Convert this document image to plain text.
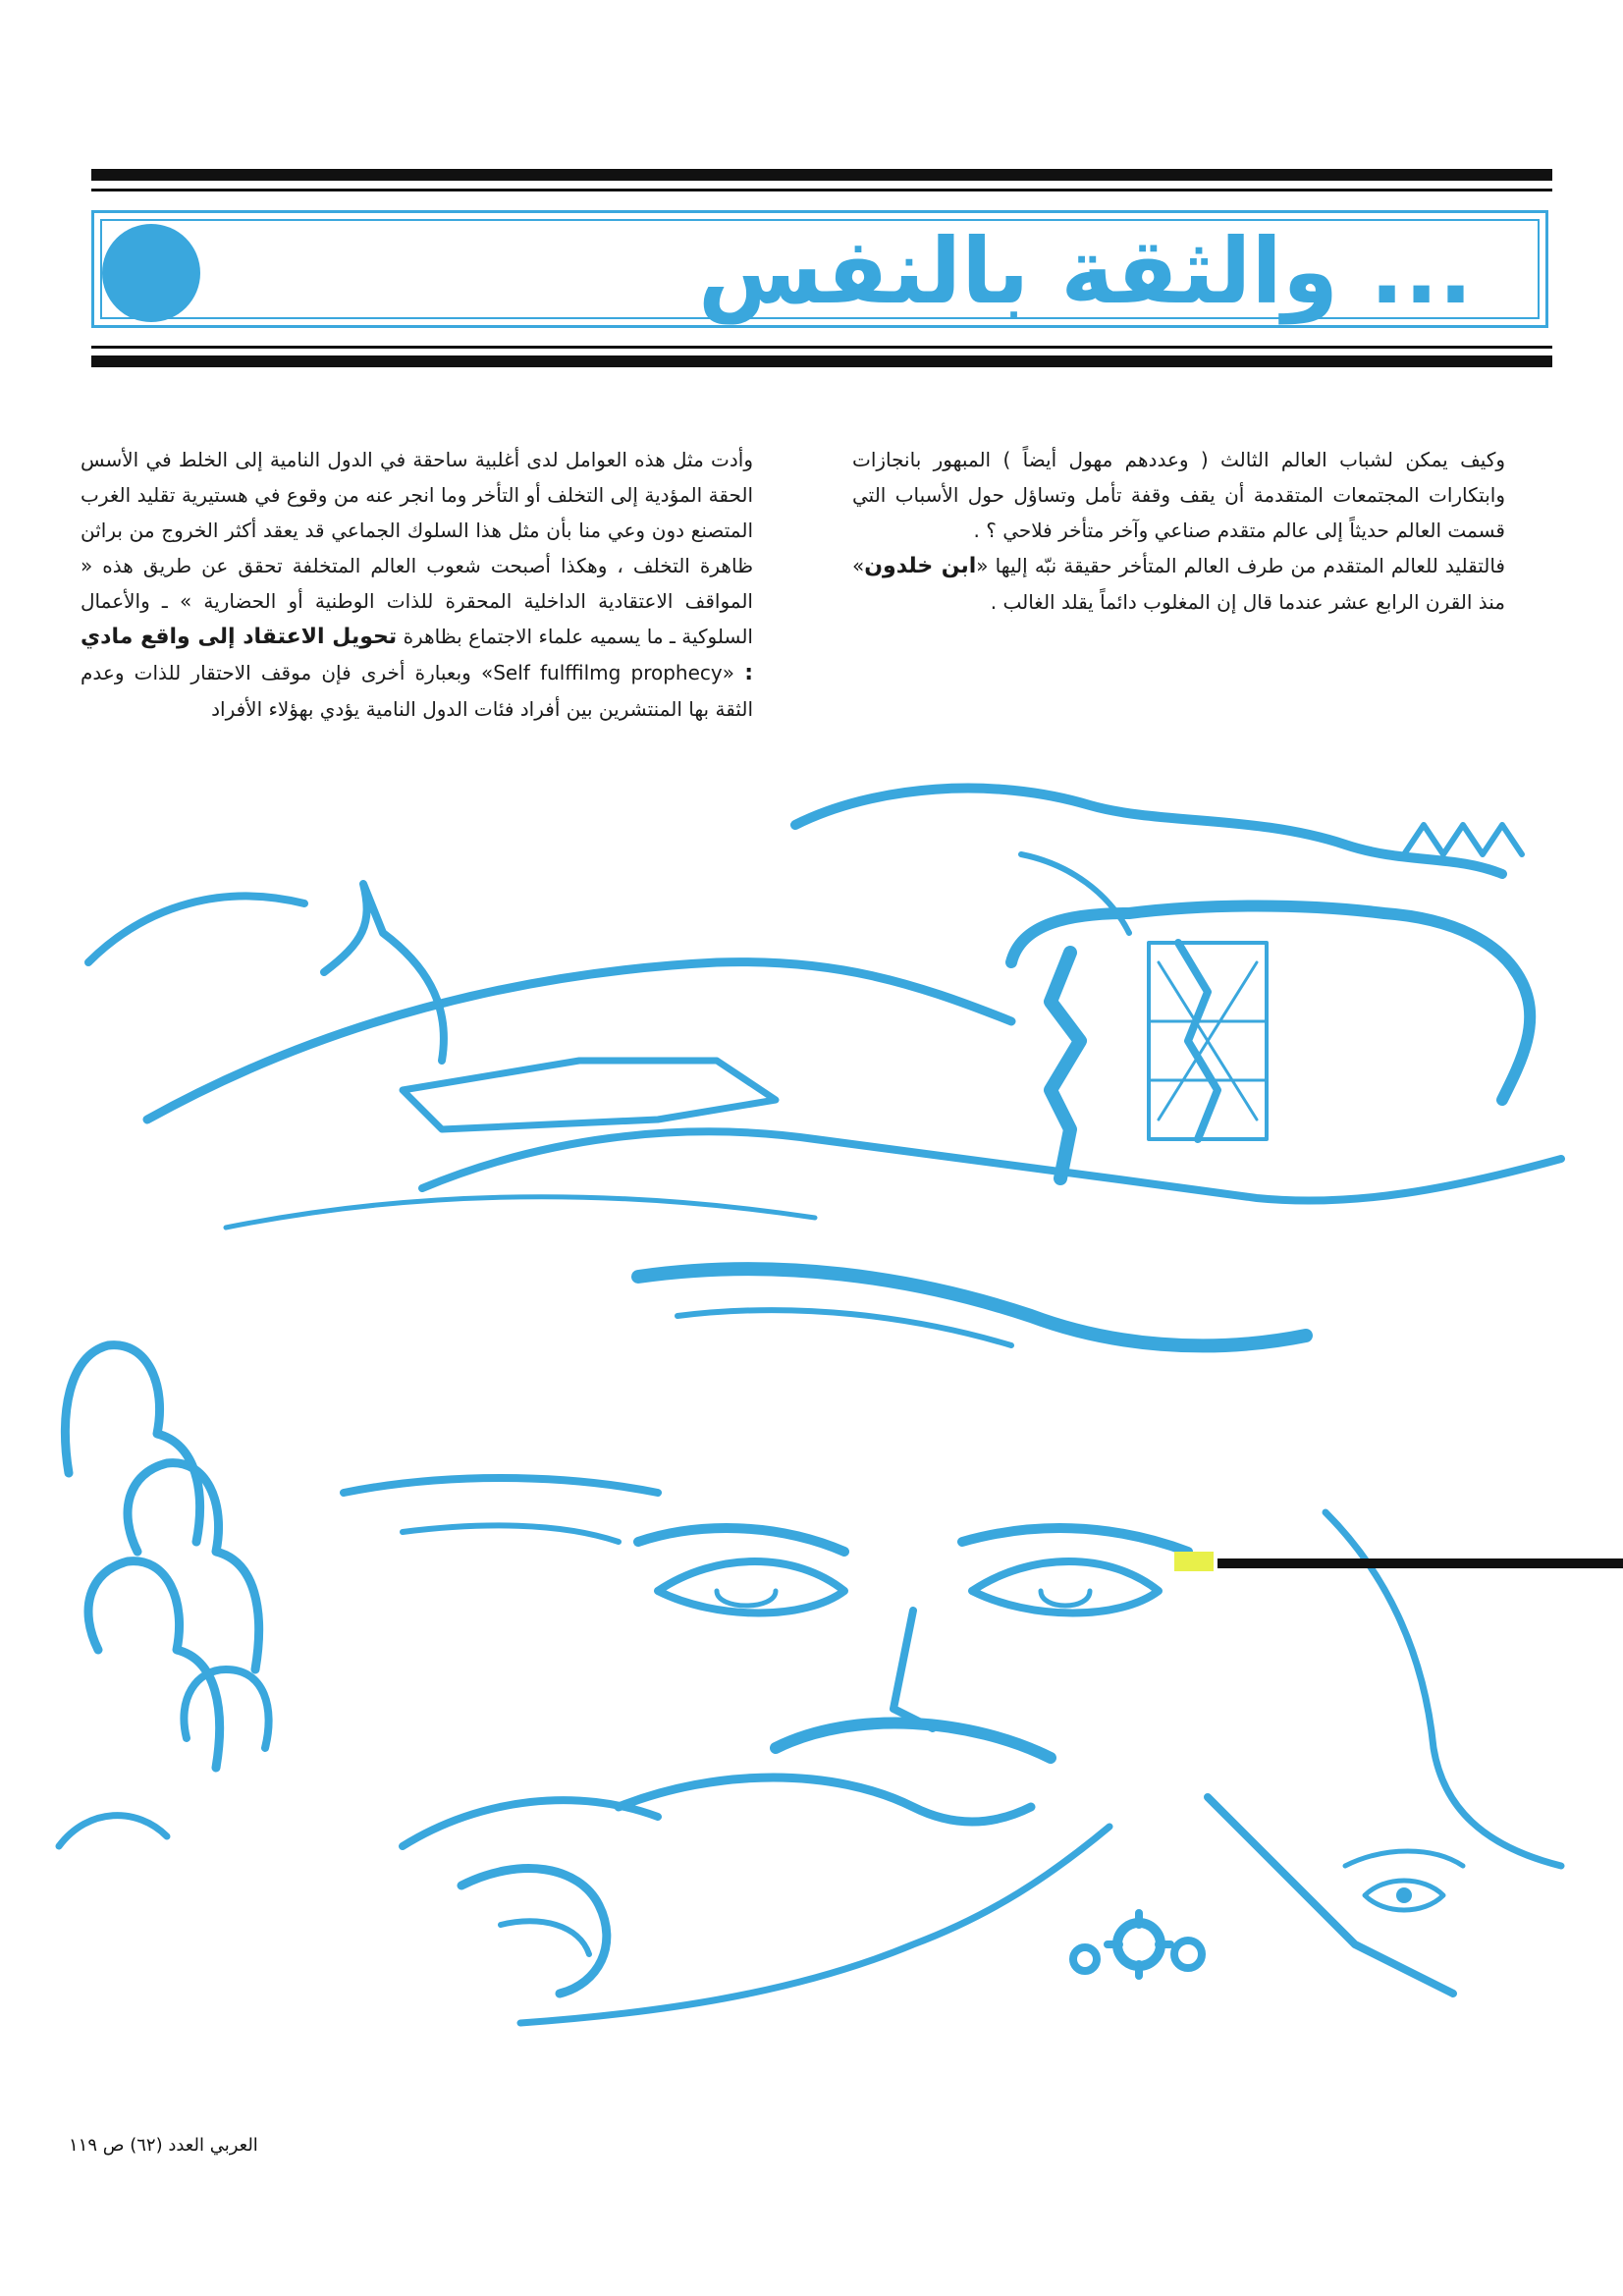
... والثقة بالنفس

وكيف يمكن لشباب العالم الثالث ( وعددهم مهول أيضاً ) المبهور بانجازات وابتكارات المجتمعات المتقدمة أن يقف وقفة تأمل وتساؤل حول الأسباب التي قسمت العالم حديثاً إلى عالم متقدم صناعي وآخر متأخر فلاحي ؟ .

فالتقليد للعالم المتقدم من طرف العالم المتأخر حقيقة نبّه إليها «ابن خلدون» منذ القرن الرابع عشر عندما قال إن المغلوب دائماً يقلد الغالب .

وأدت مثل هذه العوامل لدى أغلبية ساحقة في الدول النامية إلى الخلط في الأسس الحقة المؤدية إلى التخلف أو التأخر وما انجر عنه من وقوع في هستيرية تقليد الغرب المتصنع دون وعي منا بأن مثل هذا السلوك الجماعي قد يعقد أكثر الخروج من براثن ظاهرة التخلف ، وهكذا أصبحت شعوب العالم المتخلفة تحقق عن طريق هذه « المواقف الاعتقادية الداخلية المحقرة للذات الوطنية أو الحضارية » ـ والأعمال السلوكية ـ ما يسميه علماء الاجتماع بظاهرة تحويل الاعتقاد إلى واقع مادي : «Self fulffilmg prophecy» وبعبارة أخرى فإن موقف الاحتقار للذات وعدم الثقة بها المنتشرين بين أفراد فئات الدول النامية يؤدي بهؤلاء الأفراد

العربي العدد (٦٢) ص ١١٩
